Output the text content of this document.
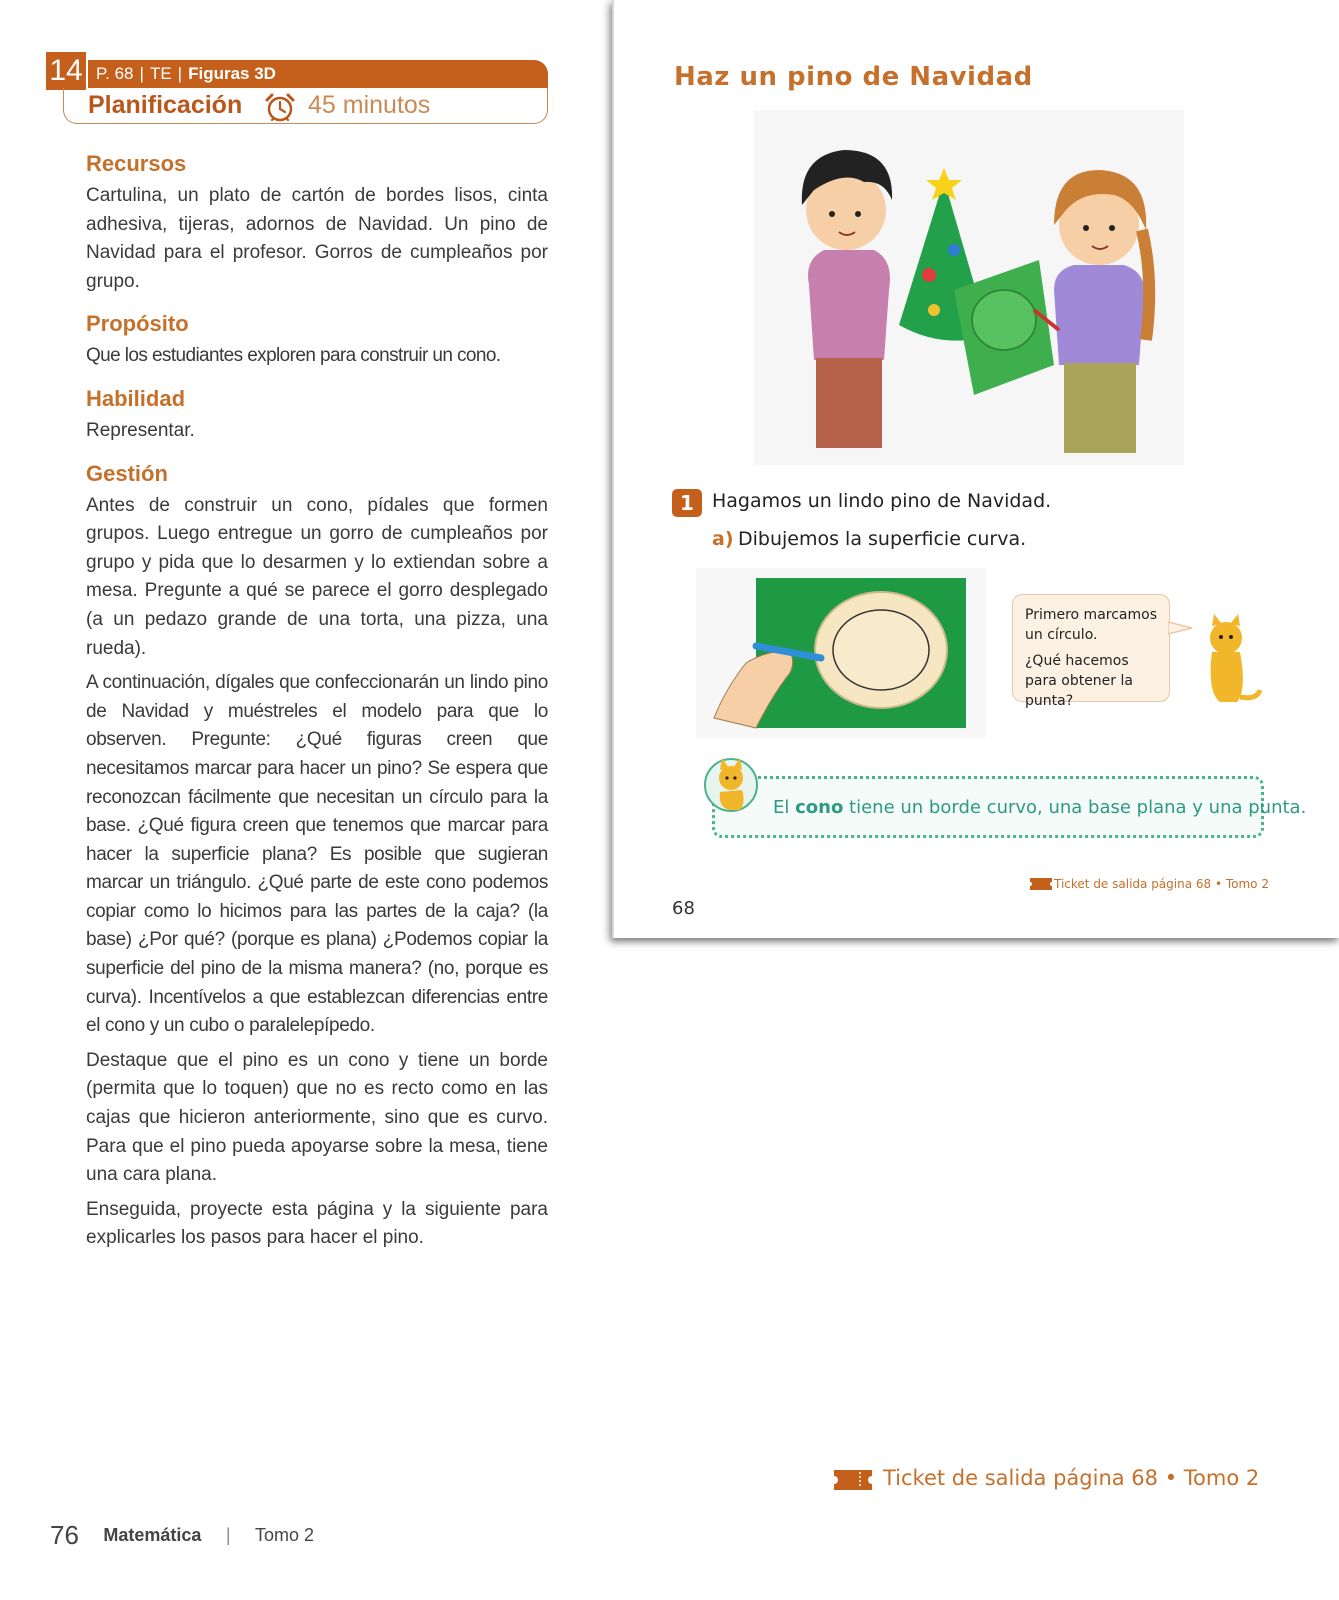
14 P. 68 | TE | Figuras 3D
Planificación	45 minutos
Recursos

Cartulina, un plato de cartón de bordes lisos, cinta adhesiva, tijeras, adornos de Navidad. Un pino de Navidad para el profesor. Gorros de cumpleaños por grupo.

Propósito

Que los estudiantes exploren para construir un cono.

Habilidad

Representar.

Gestión

Antes de construir un cono, pídales que formen grupos. Luego entregue un gorro de cumpleaños por grupo y pida que lo desarmen y lo extiendan sobre a mesa. Pregunte a qué se parece el gorro desplegado (a un pedazo grande de una torta, una pizza, una rueda).

A continuación, dígales que confeccionarán un lindo pino de Navidad y muéstreles el modelo para que lo observen. Pregunte: ¿Qué figuras creen que necesitamos marcar para hacer un pino? Se espera que reconozcan fácilmente que necesitan un círculo para la base. ¿Qué figura creen que tenemos que marcar para hacer la superficie plana? Es posible que sugieran marcar un triángulo. ¿Qué parte de este cono podemos copiar como lo hicimos para las partes de la caja? (la base) ¿Por qué? (porque es plana) ¿Podemos copiar la superficie del pino de la misma manera? (no, porque es curva). Incentívelos a que establezcan diferencias entre el cono y un cubo o paralelepípedo.

Destaque que el pino es un cono y tiene un borde (permita que lo toquen) que no es recto como en las cajas que hicieron anteriormente, sino que es curvo. Para que el pino pueda apoyarse sobre la mesa, tiene una cara plana.

Enseguida, proyecte esta página y la siguiente para explicarles los pasos para hacer el pino.

76 Matemática | Tomo 2
Haz un pino de Navidad
1 Hagamos un lindo pino de Navidad.
a) Dibujemos la superficie curva.

Primero marcamos un círculo.

¿Qué hacemos para obtener la punta?

El cono tiene un borde curvo, una base plana y una punta.
Ticket de salida página 68 • Tomo 2
68
Ticket de salida página 68 • Tomo 2
